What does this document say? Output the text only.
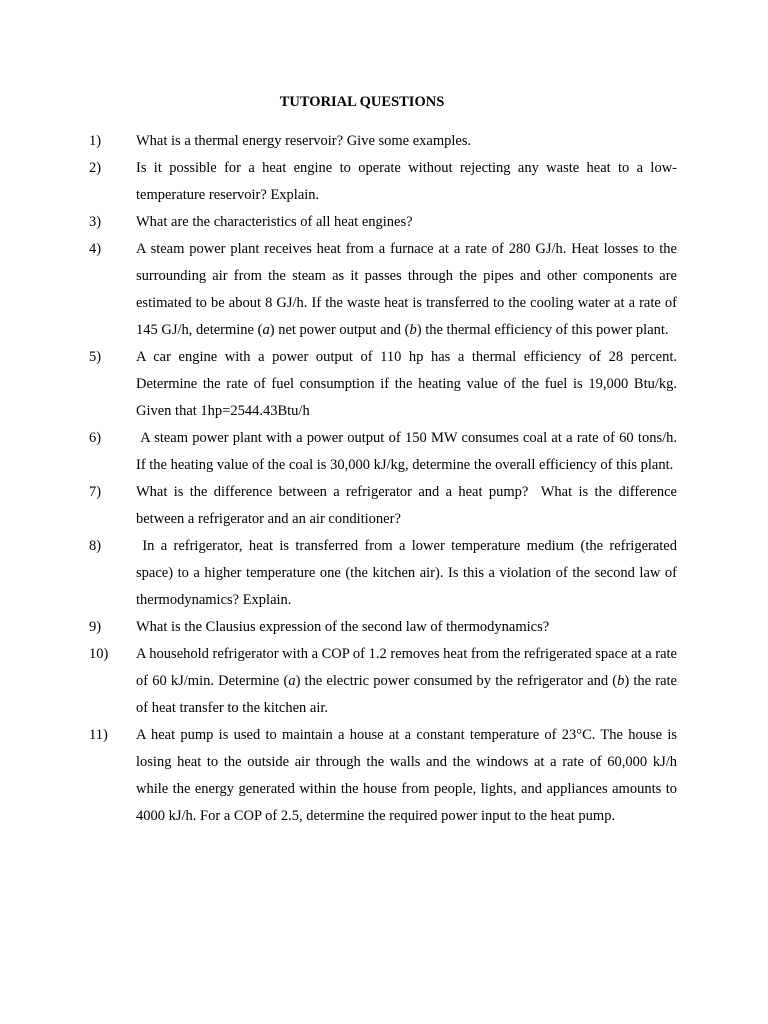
TUTORIAL QUESTIONS
1)	What is a thermal energy reservoir? Give some examples.
2)	Is it possible for a heat engine to operate without rejecting any waste heat to a low-temperature reservoir? Explain.
3)	What are the characteristics of all heat engines?
4)	A steam power plant receives heat from a furnace at a rate of 280 GJ/h. Heat losses to the surrounding air from the steam as it passes through the pipes and other components are estimated to be about 8 GJ/h. If the waste heat is transferred to the cooling water at a rate of 145 GJ/h, determine (a) net power output and (b) the thermal efficiency of this power plant.
5)	A car engine with a power output of 110 hp has a thermal efficiency of 28 percent. Determine the rate of fuel consumption if the heating value of the fuel is 19,000 Btu/kg. Given that 1hp=2544.43Btu/h
6)	A steam power plant with a power output of 150 MW consumes coal at a rate of 60 tons/h. If the heating value of the coal is 30,000 kJ/kg, determine the overall efficiency of this plant.
7)	What is the difference between a refrigerator and a heat pump?  What is the difference between a refrigerator and an air conditioner?
8)	In a refrigerator, heat is transferred from a lower temperature medium (the refrigerated space) to a higher temperature one (the kitchen air). Is this a violation of the second law of thermodynamics? Explain.
9)	What is the Clausius expression of the second law of thermodynamics?
10)	A household refrigerator with a COP of 1.2 removes heat from the refrigerated space at a rate of 60 kJ/min. Determine (a) the electric power consumed by the refrigerator and (b) the rate of heat transfer to the kitchen air.
11)	A heat pump is used to maintain a house at a constant temperature of 23°C. The house is losing heat to the outside air through the walls and the windows at a rate of 60,000 kJ/h while the energy generated within the house from people, lights, and appliances amounts to 4000 kJ/h. For a COP of 2.5, determine the required power input to the heat pump.
